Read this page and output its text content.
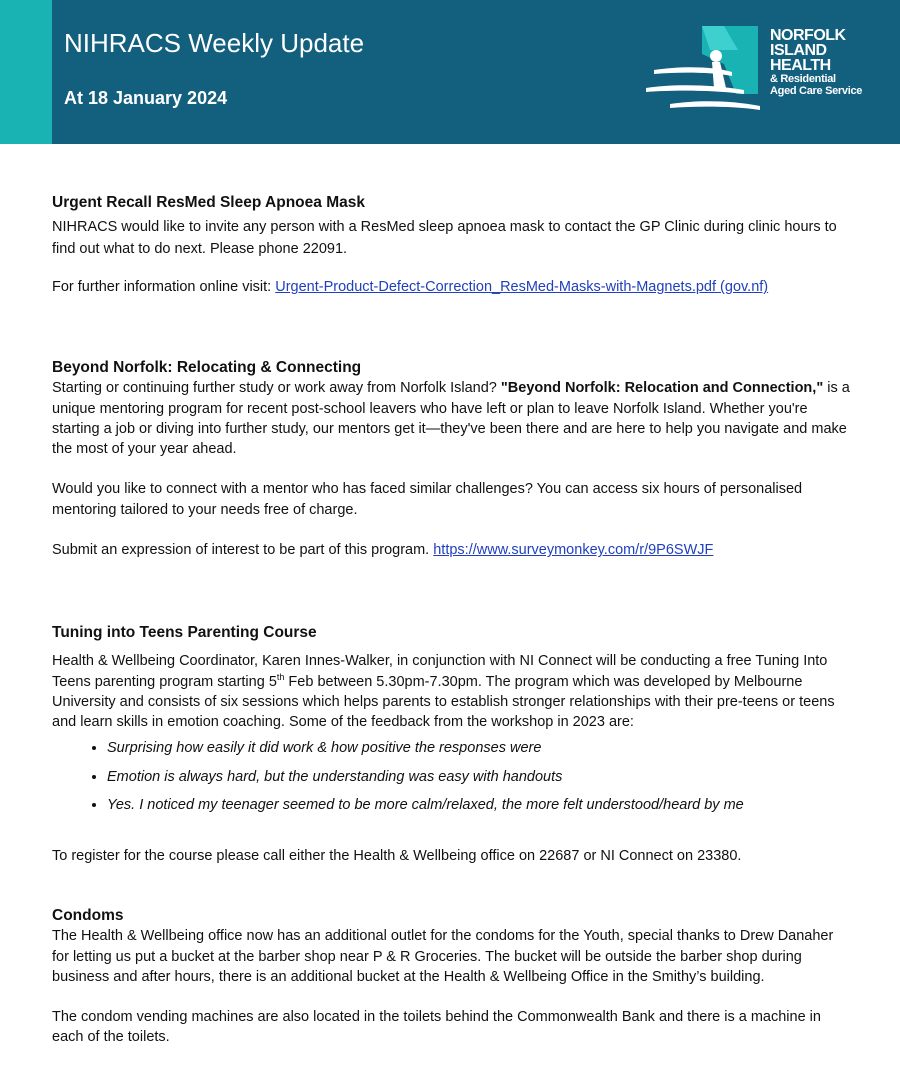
NIHRACS Weekly Update
At 18 January 2024
NORFOLK
ISLAND
HEALTH
& Residential
Aged Care Service
Urgent Recall ResMed Sleep Apnoea Mask

NIHRACS would like to invite any person with a ResMed sleep apnoea mask to contact the GP Clinic during clinic hours to find out what to do next. Please phone 22091.

For further information online visit: Urgent-Product-Defect-Correction_ResMed-Masks-with-Magnets.pdf (gov.nf)

Beyond Norfolk: Relocating & Connecting

Starting or continuing further study or work away from Norfolk Island? "Beyond Norfolk: Relocation and Connection," is a unique mentoring program for recent post-school leavers who have left or plan to leave Norfolk Island. Whether you're starting a job or diving into further study, our mentors get it—they've been there and are here to help you navigate and make the most of your year ahead.

Would you like to connect with a mentor who has faced similar challenges? You can access six hours of personalised mentoring tailored to your needs free of charge.

Submit an expression of interest to be part of this program. https://www.surveymonkey.com/r/9P6SWJF

Tuning into Teens Parenting Course

Health & Wellbeing Coordinator, Karen Innes-Walker, in conjunction with NI Connect will be conducting a free Tuning Into Teens parenting program starting 5th Feb between 5.30pm-7.30pm. The program which was developed by Melbourne University and consists of six sessions which helps parents to establish stronger relationships with their pre-teens or teens and learn skills in emotion coaching. Some of the feedback from the workshop in 2023 are:

• Surprising how easily it did work & how positive the responses were
• Emotion is always hard, but the understanding was easy with handouts
• Yes. I noticed my teenager seemed to be more calm/relaxed, the more felt understood/heard by me

To register for the course please call either the Health & Wellbeing office on 22687 or NI Connect on 23380.

Condoms

The Health & Wellbeing office now has an additional outlet for the condoms for the Youth, special thanks to Drew Danaher for letting us put a bucket at the barber shop near P & R Groceries. The bucket will be outside the barber shop during business and after hours, there is an additional bucket at the Health & Wellbeing Office in the Smithy’s building.

The condom vending machines are also located in the toilets behind the Commonwealth Bank and there is a machine in each of the toilets.
